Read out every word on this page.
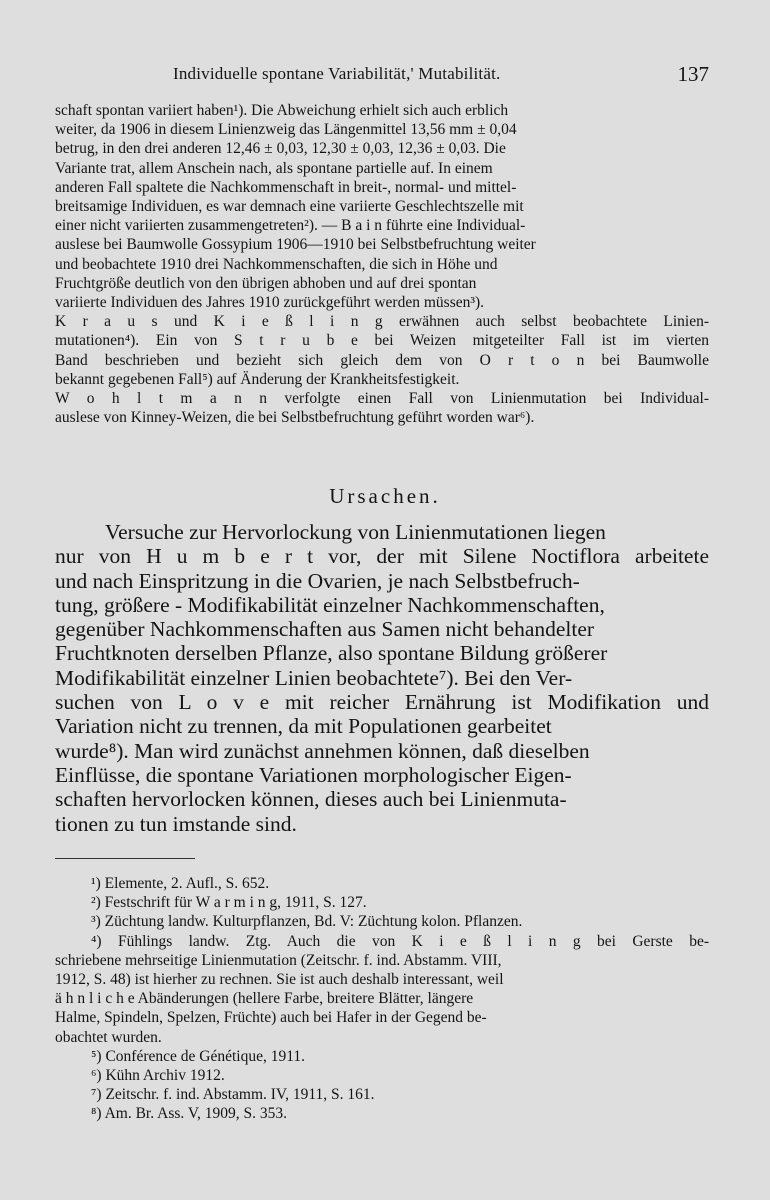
Individuelle spontane Variabilität,' Mutabilität.	137
schaft spontan variiert haben¹). Die Abweichung erhielt sich auch erblich
weiter, da 1906 in diesem Linienzweig das Längenmittel 13,56 mm ± 0,04
betrug, in den drei anderen 12,46 ± 0,03, 12,30 ± 0,03, 12,36 ± 0,03. Die
Variante trat, allem Anschein nach, als spontane partielle auf. In einem
anderen Fall spaltete die Nachkommenschaft in breit-, normal- und mittel-
breitsamige Individuen, es war demnach eine variierte Geschlechtszelle mit
einer nicht variierten zusammengetreten²). — B a i n führte eine Individual-
auslese bei Baumwolle Gossypium 1906—1910 bei Selbstbefruchtung weiter
und beobachtete 1910 drei Nachkommenschaften, die sich in Höhe und
Fruchtgröße deutlich von den übrigen abhoben und auf drei spontan
variierte Individuen des Jahres 1910 zurückgeführt werden müssen³).
K r a u s und K i e ß l i n g erwähnen auch selbst beobachtete Linien-
mutationen⁴). Ein von S t r u b e bei Weizen mitgeteilter Fall ist im vierten
Band beschrieben und bezieht sich gleich dem von O r t o n bei Baumwolle
bekannt gegebenen Fall⁵) auf Änderung der Krankheitsfestigkeit.
W o h l t m a n n verfolgte einen Fall von Linienmutation bei Individual-
auslese von Kinney-Weizen, die bei Selbstbefruchtung geführt worden war⁶).
Ursachen.
Versuche zur Hervorlockung von Linienmutationen liegen
nur von H u m b e r t vor, der mit Silene Noctiflora arbeitete
und nach Einspritzung in die Ovarien, je nach Selbstbefruch-
tung, größere - Modifikabilität einzelner Nachkommenschaften,
gegenüber Nachkommenschaften aus Samen nicht behandelter
Fruchtknoten derselben Pflanze, also spontane Bildung größerer
Modifikabilität einzelner Linien beobachtete⁷). Bei den Ver-
suchen von L o v e mit reicher Ernährung ist Modifikation und
Variation nicht zu trennen, da mit Populationen gearbeitet
wurde⁸). Man wird zunächst annehmen können, daß dieselben
Einflüsse, die spontane Variationen morphologischer Eigen-
schaften hervorlocken können, dieses auch bei Linienmuta-
tionen zu tun imstande sind.
¹) Elemente, 2. Aufl., S. 652.
²) Festschrift für W a r m i n g, 1911, S. 127.
³) Züchtung landw. Kulturpflanzen, Bd. V: Züchtung kolon. Pflanzen.
⁴) Fühlings landw. Ztg. Auch die von K i e ß l i n g bei Gerste be-
schriebene mehrseitige Linienmutation (Zeitschr. f. ind. Abstamm. VIII,
1912, S. 48) ist hierher zu rechnen. Sie ist auch deshalb interessant, weil
ä h n l i c h e Abänderungen (hellere Farbe, breitere Blätter, längere
Halme, Spindeln, Spelzen, Früchte) auch bei Hafer in der Gegend be-
obachtet wurden.
⁵) Conférence de Génétique, 1911.
⁶) Kühn Archiv 1912.
⁷) Zeitschr. f. ind. Abstamm. IV, 1911, S. 161.
⁸) Am. Br. Ass. V, 1909, S. 353.
